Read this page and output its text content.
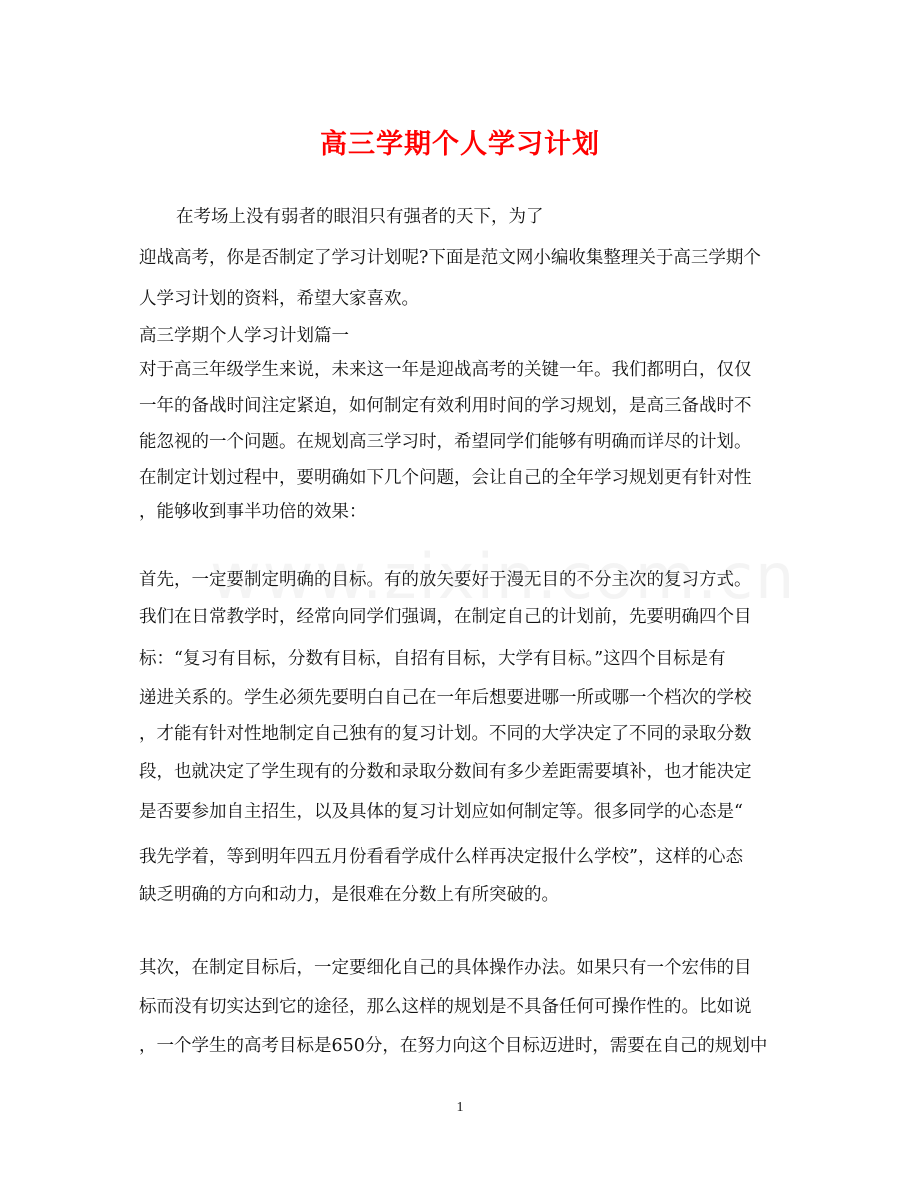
高三学期个人学习计划
在考场上没有弱者的眼泪只有强者的天下，为了
迎战高考，你是否制定了学习计划呢?下面是范文网小编收集整理关于高三学期个
人学习计划的资料，希望大家喜欢。
高三学期个人学习计划篇一
对于高三年级学生来说，未来这一年是迎战高考的关键一年。我们都明白，仅仅
一年的备战时间注定紧迫，如何制定有效利用时间的学习规划，是高三备战时不
能忽视的一个问题。在规划高三学习时，希望同学们能够有明确而详尽的计划。
在制定计划过程中，要明确如下几个问题，会让自己的全年学习规划更有针对性
，能够收到事半功倍的效果：
首先，一定要制定明确的目标。有的放矢要好于漫无目的不分主次的复习方式。
我们在日常教学时，经常向同学们强调，在制定自己的计划前，先要明确四个目
标：“复习有目标，分数有目标，自招有目标，大学有目标。”这四个目标是有
递进关系的。学生必须先要明白自己在一年后想要进哪一所或哪一个档次的学校
，才能有针对性地制定自己独有的复习计划。不同的大学决定了不同的录取分数
段，也就决定了学生现有的分数和录取分数间有多少差距需要填补，也才能决定
是否要参加自主招生，以及具体的复习计划应如何制定等。很多同学的心态是“
我先学着，等到明年四五月份看看学成什么样再决定报什么学校”，这样的心态
缺乏明确的方向和动力，是很难在分数上有所突破的。
其次，在制定目标后，一定要细化自己的具体操作办法。如果只有一个宏伟的目
标而没有切实达到它的途径，那么这样的规划是不具备任何可操作性的。比如说
，一个学生的高考目标是650分，在努力向这个目标迈进时，需要在自己的规划中
1
